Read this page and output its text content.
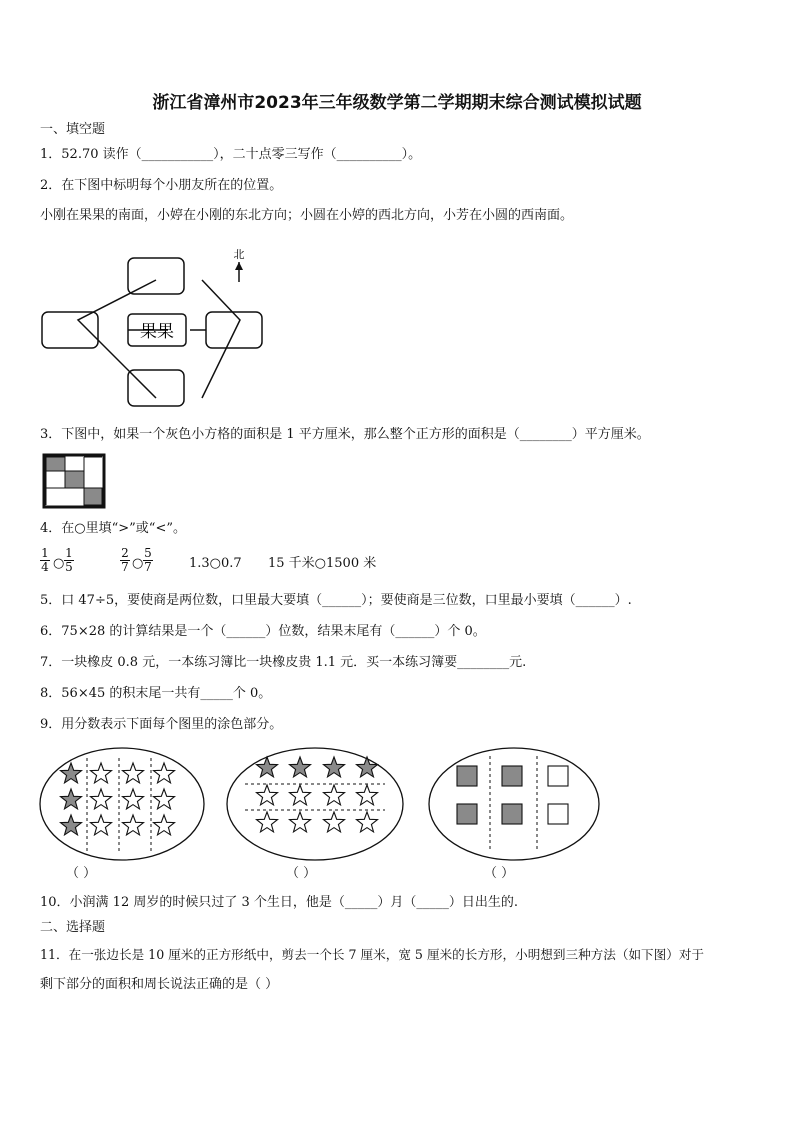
浙江省漳州市2023年三年级数学第二学期期末综合测试模拟试题
一、填空题
1．52.70 读作（___________），二十点零三写作（__________）。
2．在下图中标明每个小朋友所在的位置。
小刚在果果的南面，小婷在小刚的东北方向；小圆在小婷的西北方向，小芳在小圆的西南面。
果果
北
3．下图中，如果一个灰色小方格的面积是 1 平方厘米，那么整个正方形的面积是（________）平方厘米。
4．在○里填“>”或“<”。
$\frac{1}{4}$ ○ $\frac{1}{5}$	$\frac{2}{7}$ ○ $\frac{5}{7}$	1.3○0.7 15 千米○1500 米
5．口 47÷5，要使商是两位数，口里最大要填（______）；要使商是三位数，口里最小要填（______）.
6．75×28 的计算结果是一个（______）位数，结果末尾有（______）个 0。
7．一块橡皮 0.8 元，一本练习簿比一块橡皮贵 1.1 元．买一本练习簿要________元.
8．56×45 的积末尾一共有_____个 0。
9．用分数表示下面每个图里的涂色部分。
（ ）	（ ）	（ ）
10．小润满 12 周岁的时候只过了 3 个生日，他是（_____）月（_____）日出生的.
二、选择题
11．在一张边长是 10 厘米的正方形纸中，剪去一个长 7 厘米，宽 5 厘米的长方形，小明想到三种方法（如下图）对于
剩下部分的面积和周长说法正确的是（ ）
